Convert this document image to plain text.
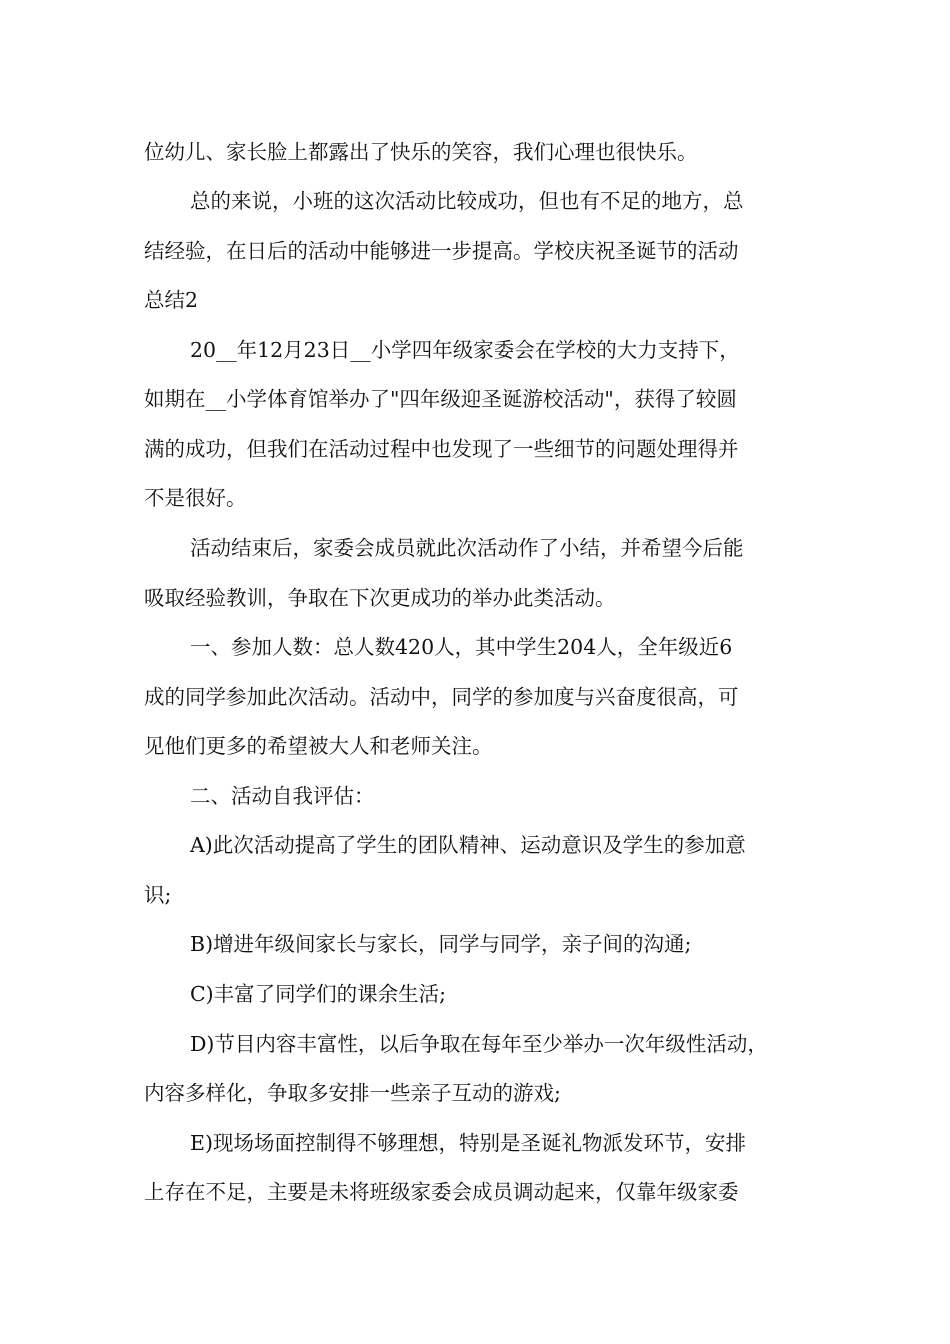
位幼儿、家长脸上都露出了快乐的笑容，我们心理也很快乐。

总的来说，小班的这次活动比较成功，但也有不足的地方，总

结经验，在日后的活动中能够进一步提高。学校庆祝圣诞节的活动

总结2

20__年12月23日__小学四年级家委会在学校的大力支持下，

如期在__小学体育馆举办了"四年级迎圣诞游校活动"，获得了较圆

满的成功，但我们在活动过程中也发现了一些细节的问题处理得并

不是很好。

活动结束后，家委会成员就此次活动作了小结，并希望今后能

吸取经验教训，争取在下次更成功的举办此类活动。

一、参加人数：总人数420人，其中学生204人，全年级近6

成的同学参加此次活动。活动中，同学的参加度与兴奋度很高，可

见他们更多的希望被大人和老师关注。

二、活动自我评估：

A)此次活动提高了学生的团队精神、运动意识及学生的参加意

识;

B)增进年级间家长与家长，同学与同学，亲子间的沟通;

C)丰富了同学们的课余生活;

D)节目内容丰富性，以后争取在每年至少举办一次年级性活动，

内容多样化，争取多安排一些亲子互动的游戏;

E)现场场面控制得不够理想，特别是圣诞礼物派发环节，安排

上存在不足，主要是未将班级家委会成员调动起来，仅靠年级家委
